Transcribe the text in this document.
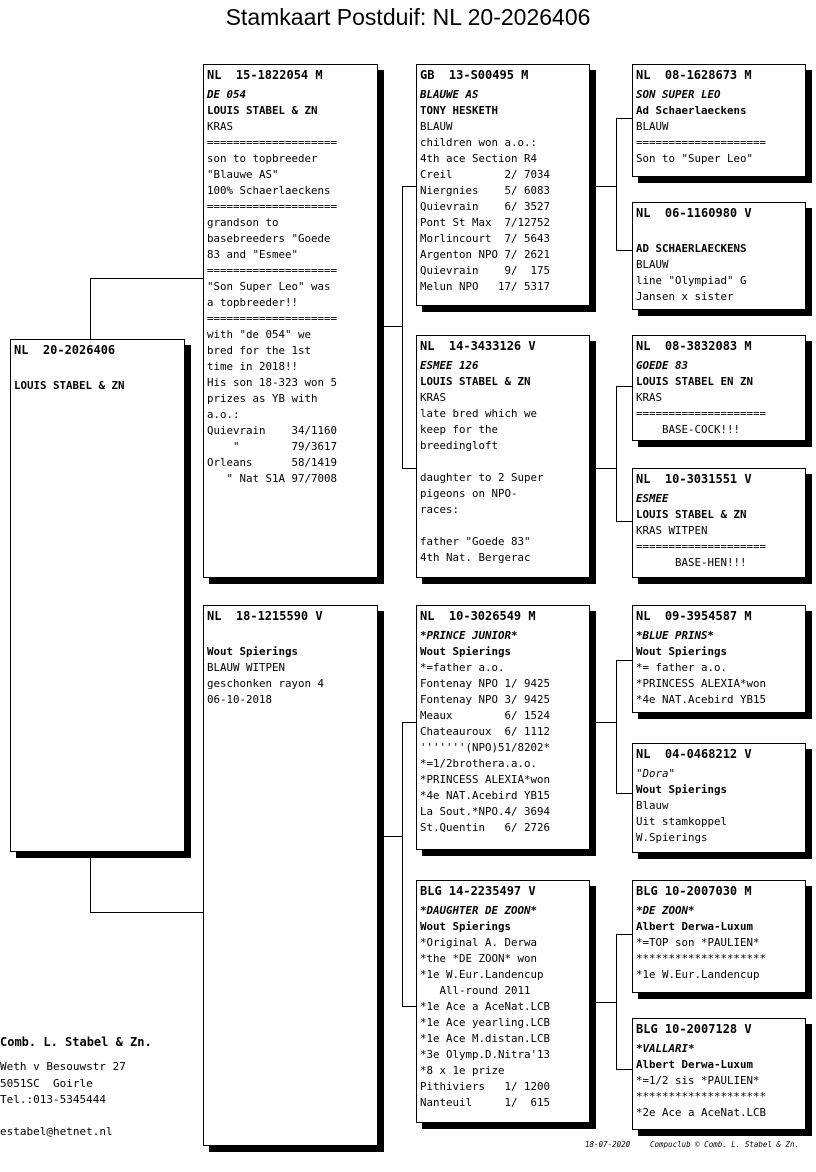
Stamkaart Postduif: NL 20-2026406
NL  20-2026406
LOUIS STABEL & ZN
NL  15-1822054 M
DE 054
LOUIS STABEL & ZN
KRAS
====================
son to topbreeder
"Blauwe AS"
100% Schaerlaeckens
====================
grandson to
basebreeders "Goede
83 and "Esmee"
====================
"Son Super Leo" was
a topbreeder!!
====================
with "de 054" we
bred for the 1st
time in 2018!!
His son 18-323 won 5
prizes as YB with
a.o.:
Quievrain    34/1160
"        79/3617
Orleans      58/1419
" Nat S1A 97/7008
NL  18-1215590 V
Wout Spierings
BLAUW WITPEN
geschonken rayon 4
06-10-2018
GB  13-S00495 M
BLAUWE AS
TONY HESKETH
BLAUW
children won a.o.:
4th ace Section R4
Creil        2/ 7034
Niergnies    5/ 6083
Quievrain    6/ 3527
Pont St Max  7/12752
Morlincourt  7/ 5643
Argenton NPO 7/ 2621
Quievrain    9/  175
Melun NPO   17/ 5317
NL  14-3433126 V
ESMEE 126
LOUIS STABEL & ZN
KRAS
late bred which we
keep for the
breedingloft
daughter to 2 Super
pigeons on NPO-
races:
father "Goede 83"
4th Nat. Bergerac
NL  10-3026549 M
*PRINCE JUNIOR*
Wout Spierings
*=father a.o.
Fontenay NPO 1/ 9425
Fontenay NPO 3/ 9425
Meaux        6/ 1524
Chateauroux  6/ 1112
'''''''(NPO)51/8202*
*=1/2brothera.a.o.
*PRINCESS ALEXIA*won
*4e NAT.Acebird YB15
La Sout.*NPO.4/ 3694
St.Quentin   6/ 2726
BLG 14-2235497 V
*DAUGHTER DE ZOON*
Wout Spierings
*Original A. Derwa
*the *DE ZOON* won
*1e W.Eur.Landencup
All-round 2011
*1e Ace a AceNat.LCB
*1e Ace yearling.LCB
*1e Ace M.distan.LCB
*3e Olymp.D.Nitra'13
*8 x 1e prize
Pithiviers   1/ 1200
Nanteuil     1/  615
NL  08-1628673 M
SON SUPER LEO
Ad Schaerlaeckens
BLAUW
====================
Son to "Super Leo"
NL  06-1160980 V
AD SCHAERLAECKENS
BLAUW
line "Olympiad" G
Jansen x sister
NL  08-3832083 M
GOEDE 83
LOUIS STABEL EN ZN
KRAS
====================
BASE-COCK!!!
NL  10-3031551 V
ESMEE
LOUIS STABEL & ZN
KRAS WITPEN
====================
BASE-HEN!!!
NL  09-3954587 M
*BLUE PRINS*
Wout Spierings
*= father a.o.
*PRINCESS ALEXIA*won
*4e NAT.Acebird YB15
NL  04-0468212 V
"Dora"
Wout Spierings
Blauw
Uit stamkoppel
W.Spierings
BLG 10-2007030 M
*DE ZOON*
Albert Derwa-Luxum
*=TOP son *PAULIEN*
********************
*1e W.Eur.Landencup
BLG 10-2007128 V
*VALLARI*
Albert Derwa-Luxum
*=1/2 sis *PAULIEN*
********************
*2e Ace a AceNat.LCB
Comb. L. Stabel & Zn.
Weth v Besouwstr 27
5051SC  Goirle
Tel.:013-5345444
estabel@hetnet.nl
18-07-2020	Compuclub © Comb. L. Stabel & Zn.
